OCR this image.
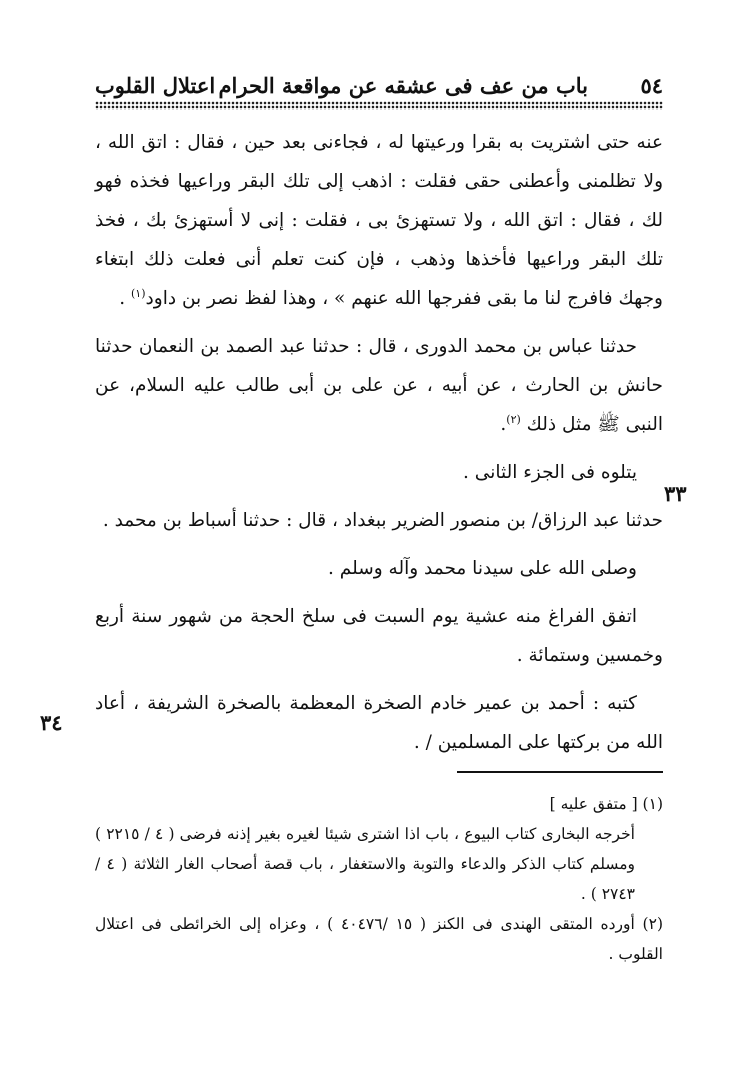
٥٤
باب من عف فى عشقه عن مواقعة الحرام
اعتلال القلوب

عنه حتى اشتريت به بقرا ورعيتها له ، فجاءنى بعد حين ، فقال : اتق الله ، ولا تظلمنى وأعطنى حقى فقلت : اذهب إلى تلك البقر وراعيها فخذه فهو لك ، فقال : اتق الله ، ولا تستهزئ بى ، فقلت : إنى لا أستهزئ بك ، فخذ تلك البقر وراعيها فأخذها وذهب ، فإن كنت تعلم أنى فعلت ذلك ابتغاء وجهك فافرج لنا ما بقى ففرجها الله عنهم » ، وهذا لفظ نصر بن داود$^{(١)}$ .

حدثنا عباس بن محمد الدورى ، قال : حدثنا عبد الصمد بن النعمان حدثنا حانش بن الحارث ، عن أبيه ، عن على بن أبى طالب عليه السلام، عن النبى ﷺ مثل ذلك $^{(٢)}$.

يتلوه فى الجزء الثانى .

حدثنا عبد الرزاق/ بن منصور الضرير ببغداد ، قال : حدثنا أسباط بن محمد .

وصلى الله على سيدنا محمد وآله وسلم .

اتفق الفراغ منه عشية يوم السبت فى سلخ الحجة من شهور سنة أربع وخمسين وستمائة .

كتبه : أحمد بن عمير خادم الصخرة المعظمة بالصخرة الشريفة ، أعاد الله من بركتها على المسلمين / .

٣٣
٣٤

(١) [ متفق عليه ]

أخرجه البخارى كتاب البيوع ، باب اذا اشترى شيئا لغيره بغير إذنه فرضى ( ٤ / ٢٢١٥ ) ومسلم كتاب الذكر والدعاء والتوبة والاستغفار ، باب قصة أصحاب الغار الثلاثة ( ٤ / ٢٧٤٣ ) .

(٢) أورده المتقى الهندى فى الكنز ( ١٥ /٤٠٤٧٦ ) ، وعزاه إلى الخرائطى فى اعتلال القلوب .
